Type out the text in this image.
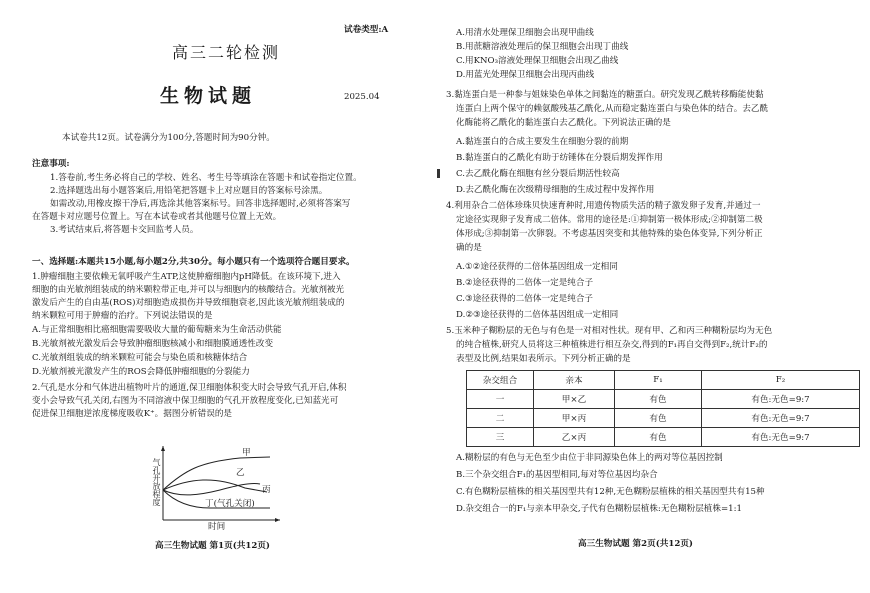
试卷类型:A
高三二轮检测
生物试题	2025.04
本试卷共12页。试卷满分为100分,答题时间为90分钟。
注意事项:
1.答卷前,考生务必将自己的学校、姓名、考生号等填涂在答题卡和试卷指定位置。
2.选择题选出每小题答案后,用铅笔把答题卡上对应题目的答案标号涂黑。
如需改动,用橡皮擦干净后,再选涂其他答案标号。回答非选择题时,必须将答案写
在答题卡对应题号位置上。写在本试卷或者其他题号位置上无效。
3.考试结束后,将答题卡交回监考人员。
一、选择题:本题共15小题,每小题2分,共30分。每小题只有一个选项符合题目要求。
1.肿瘤细胞主要依赖无氧呼吸产生ATP,这使肿瘤细胞内pH降低。在该环境下,进入
细胞的由光敏剂组装成的纳米颗粒带正电,并可以与细胞内的核酸结合。光敏剂被光
激发后产生的自由基(ROS)对细胞造成损伤并导致细胞衰老,因此该光敏剂组装成的
纳米颗粒可用于肿瘤的治疗。下列说法错误的是
A.与正常细胞相比癌细胞需要吸收大量的葡萄糖来为生命活动供能
B.光敏剂被光激发后会导致肿瘤细胞核减小和细胞膜通透性改变
C.光敏剂组装成的纳米颗粒可能会与染色质和核糖体结合
D.光敏剂被光激发产生的ROS会降低肿瘤细胞的分裂能力
2.气孔是水分和气体进出植物叶片的通道,保卫细胞体积变大时会导致气孔开启,体积
变小会导致气孔关闭,右图为不同溶液中保卫细胞的气孔开放程度变化,已知蓝光可
促进保卫细胞逆浓度梯度吸收K⁺。据图分析错误的是
气孔开放程度
甲
乙
丙
丁(气孔关闭)
时间
高三生物试题 第1页(共12页)
A.用清水处理保卫细胞会出现甲曲线
B.用蔗糖溶液处理后的保卫细胞会出现丁曲线
C.用KNO₃溶液处理保卫细胞会出现乙曲线
D.用蓝光处理保卫细胞会出现丙曲线
3.黏连蛋白是一种参与姐妹染色单体之间黏连的糖蛋白。研究发现乙酰转移酶能使黏
连蛋白上两个保守的赖氨酸残基乙酰化,从而稳定黏连蛋白与染色体的结合。去乙酰
化酶能将乙酰化的黏连蛋白去乙酰化。下列说法正确的是
A.黏连蛋白的合成主要发生在细胞分裂的前期
B.黏连蛋白的乙酰化有助于纺锤体在分裂后期发挥作用
C.去乙酰化酶在细胞有丝分裂后期活性较高
D.去乙酰化酶在次级精母细胞的生成过程中发挥作用
4.利用杂合二倍体珍珠贝快速育种时,用遗传物质失活的精子激发卵子发育,并通过一
定途径实现卵子发育成二倍体。常用的途径是:①抑制第一极体形成;②抑制第二极
体形成;③抑制第一次卵裂。不考虑基因突变和其他特殊的染色体变异,下列分析正
确的是
A.①②途径获得的二倍体基因组成一定相同
B.②途径获得的二倍体一定是纯合子
C.③途径获得的二倍体一定是纯合子
D.②③途径获得的二倍体基因组成一定相同
5.玉米种子糊粉层的无色与有色是一对相对性状。现有甲、乙和丙三种糊粉层均为无色
的纯合植株,研究人员将这三种植株进行相互杂交,得到的F₁再自交得到F₂,统计F₂的
表型及比例,结果如表所示。下列分析正确的是
杂交组合	亲本	F₁	F₂
一	甲×乙	有色	有色:无色=9:7
二	甲×丙	有色	有色:无色=9:7
三	乙×丙	有色	有色:无色=9:7
A.糊粉层的有色与无色至少由位于非同源染色体上的两对等位基因控制
B.三个杂交组合F₁的基因型相同,每对等位基因均杂合
C.有色糊粉层植株的相关基因型共有12种,无色糊粉层植株的相关基因型共有15种
D.杂交组合一的F₁与亲本甲杂交,子代有色糊粉层植株:无色糊粉层植株=1:1
高三生物试题 第2页(共12页)
